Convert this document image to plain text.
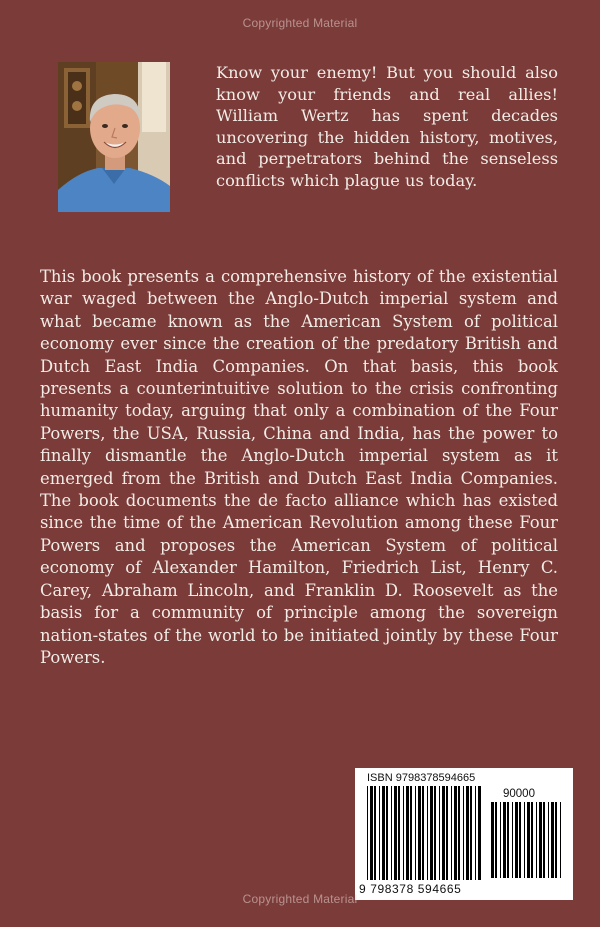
Copyrighted Material

Know your enemy! But you should also know your friends and real allies! William Wertz has spent decades uncovering the hidden history, motives, and perpetrators behind the senseless conflicts which plague us today.

This book presents a comprehensive history of the existential war waged between the Anglo-Dutch imperial system and what became known as the American System of political economy ever since the creation of the predatory British and Dutch East India Companies. On that basis, this book presents a counterintuitive solution to the crisis confronting humanity today, arguing that only a combination of the Four Powers, the USA, Russia, China and India, has the power to finally dismantle the Anglo-Dutch imperial system as it emerged from the British and Dutch East India Companies. The book documents the de facto alliance which has existed since the time of the American Revolution among these Four Powers and proposes the American System of political economy of Alexander Hamilton, Friedrich List, Henry C. Carey, Abraham Lincoln, and Franklin D. Roosevelt as the basis for a community of principle among the sovereign nation-states of the world to be initiated jointly by these Four Powers.

ISBN 9798378594665
90000
9 798378 594665
Copyrighted Material
